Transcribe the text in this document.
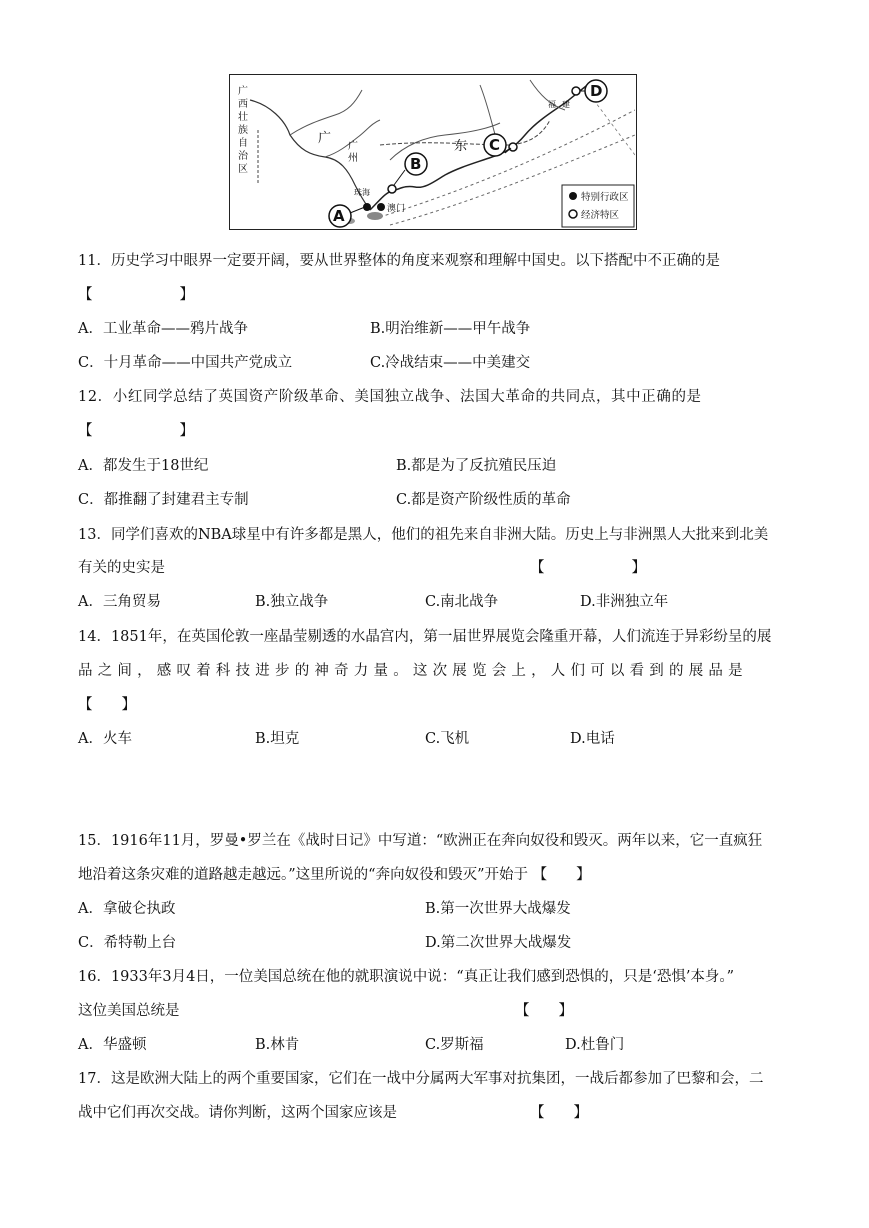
A
B
C
D
广西壮族自治区
广
东
广州
福建
珠海
澳门
特别行政区
经济特区
11．历史学习中眼界一定要开阔，要从世界整体的角度来观察和理解中国史。以下搭配中不正确的是
【　　　　　　】
A．工业革命——鸦片战争	B.明治维新——甲午战争
C．十月革命——中国共产党成立	C.冷战结束——中美建交
12．小红同学总结了英国资产阶级革命、美国独立战争、法国大革命的共同点，其中正确的是
【　　　　　　】
A．都发生于18世纪	B.都是为了反抗殖民压迫
C．都推翻了封建君主专制	C.都是资产阶级性质的革命
13．同学们喜欢的NBA球星中有许多都是黑人，他们的祖先来自非洲大陆。历史上与非洲黑人大批来到北美
有关的史实是	【　　　　　　】
A．三角贸易	B.独立战争	C.南北战争	D.非洲独立年
14．1851年，在英国伦敦一座晶莹剔透的水晶宫内，第一届世界展览会隆重开幕，人们流连于异彩纷呈的展
品之间，感叹着科技进步的神奇力量。这次展览会上，人们可以看到的展品是
【　　】
A．火车	B.坦克	C.飞机	D.电话
15．1916年11月，罗曼•罗兰在《战时日记》中写道：“欧洲正在奔向奴役和毁灭。两年以来，它一直疯狂
地沿着这条灾难的道路越走越远。”这里所说的“奔向奴役和毁灭”开始于 【　　】
A．拿破仑执政	B.第一次世界大战爆发
C．希特勒上台	D.第二次世界大战爆发
16．1933年3月4日，一位美国总统在他的就职演说中说：“真正让我们感到恐惧的，只是‘恐惧’本身。”
这位美国总统是	【　　】
A．华盛顿	B.林肯	C.罗斯福	D.杜鲁门
17．这是欧洲大陆上的两个重要国家，它们在一战中分属两大军事对抗集团，一战后都参加了巴黎和会，二
战中它们再次交战。请你判断，这两个国家应该是	【　　】
